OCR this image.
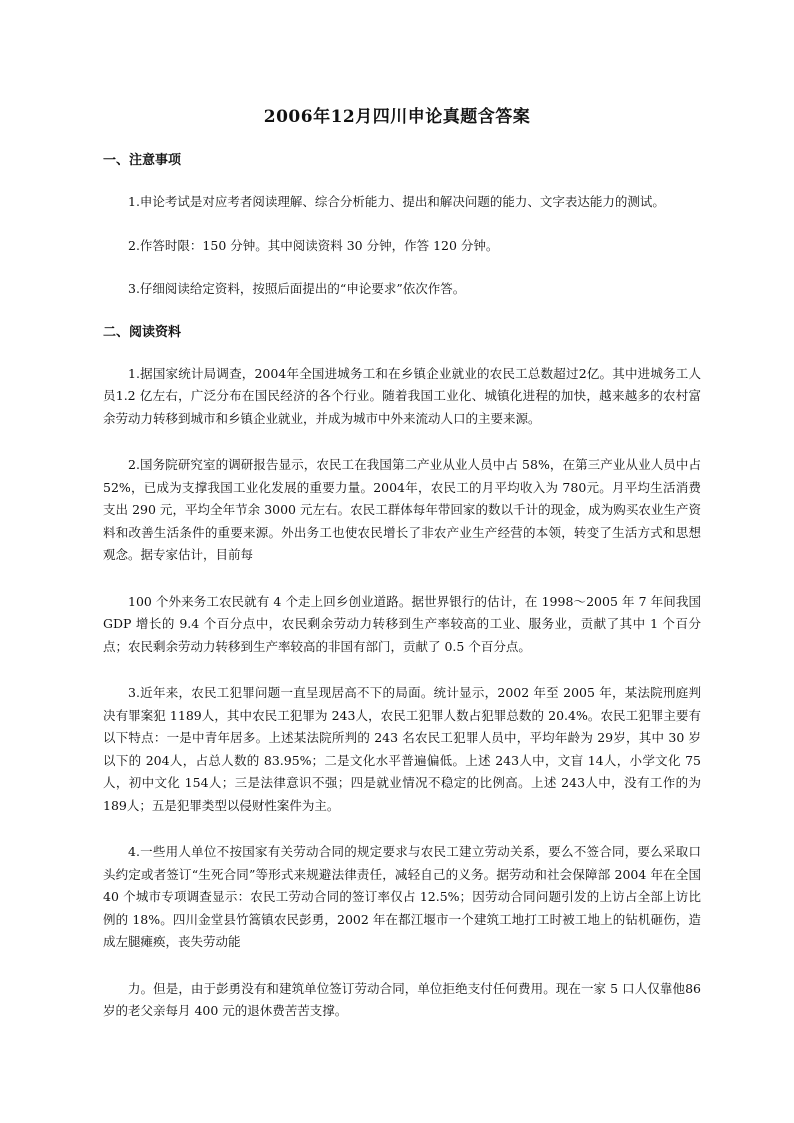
2006年12月四川申论真题含答案

一、注意事项

1.申论考试是对应考者阅读理解、综合分析能力、提出和解决问题的能力、文字表达能力的测试。

2.作答时限：150 分钟。其中阅读资料 30 分钟，作答 120 分钟。

3.仔细阅读给定资料，按照后面提出的“申论要求”依次作答。

二、阅读资料

1.据国家统计局调查，2004年全国进城务工和在乡镇企业就业的农民工总数超过2亿。其中进城务工人员1.2 亿左右，广泛分布在国民经济的各个行业。随着我国工业化、城镇化进程的加快，越来越多的农村富余劳动力转移到城市和乡镇企业就业，并成为城市中外来流动人口的主要来源。

2.国务院研究室的调研报告显示，农民工在我国第二产业从业人员中占 58%，在第三产业从业人员中占 52%，已成为支撑我国工业化发展的重要力量。2004年，农民工的月平均收入为 780元。月平均生活消费支出 290 元，平均全年节余 3000 元左右。农民工群体每年带回家的数以千计的现金，成为购买农业生产资料和改善生活条件的重要来源。外出务工也使农民增长了非农产业生产经营的本领，转变了生活方式和思想观念。据专家估计，目前每

100 个外来务工农民就有 4 个走上回乡创业道路。据世界银行的估计，在 1998～2005 年 7 年间我国GDP 增长的 9.4 个百分点中，农民剩余劳动力转移到生产率较高的工业、服务业，贡献了其中 1 个百分点；农民剩余劳动力转移到生产率较高的非国有部门，贡献了 0.5 个百分点。

3.近年来，农民工犯罪问题一直呈现居高不下的局面。统计显示，2002 年至 2005 年，某法院刑庭判决有罪案犯 1189人，其中农民工犯罪为 243人，农民工犯罪人数占犯罪总数的 20.4%。农民工犯罪主要有以下特点：一是中青年居多。上述某法院所判的 243 名农民工犯罪人员中，平均年龄为 29岁，其中 30 岁以下的 204人，占总人数的 83.95%；二是文化水平普遍偏低。上述 243人中，文盲 14人，小学文化 75人，初中文化 154人；三是法律意识不强；四是就业情况不稳定的比例高。上述 243人中，没有工作的为 189人；五是犯罪类型以侵财性案件为主。

4.一些用人单位不按国家有关劳动合同的规定要求与农民工建立劳动关系，要么不签合同，要么采取口头约定或者签订“生死合同”等形式来规避法律责任，减轻自己的义务。据劳动和社会保障部 2004 年在全国 40 个城市专项调查显示：农民工劳动合同的签订率仅占 12.5%；因劳动合同问题引发的上访占全部上访比例的 18%。四川金堂县竹篙镇农民彭勇，2002 年在都江堰市一个建筑工地打工时被工地上的钻机砸伤，造成左腿瘫痪，丧失劳动能

力。但是，由于彭勇没有和建筑单位签订劳动合同，单位拒绝支付任何费用。现在一家 5 口人仅靠他86 岁的老父亲每月 400 元的退休费苦苦支撑。
